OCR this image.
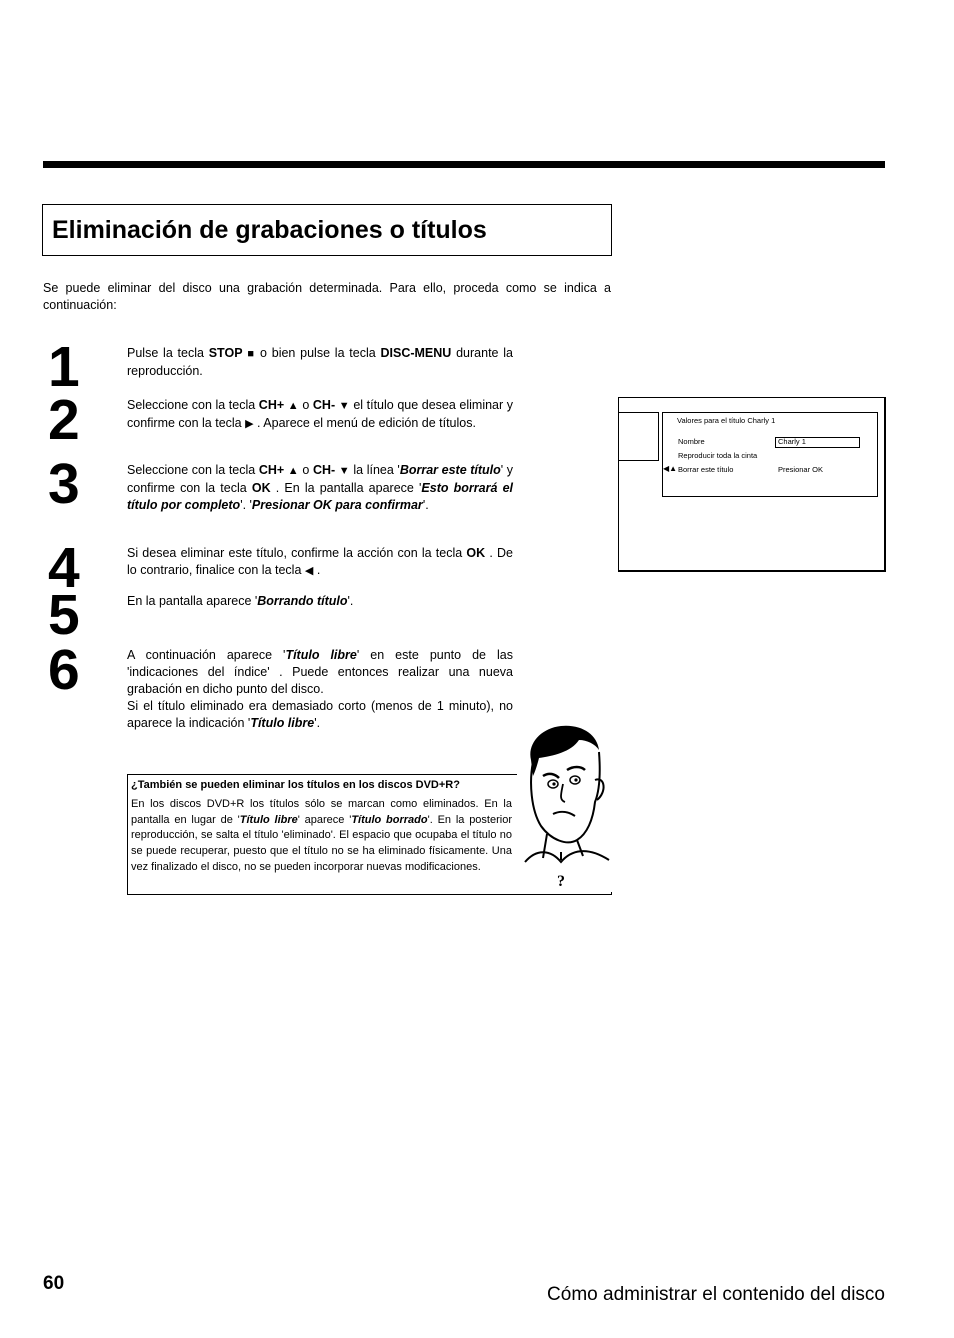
Eliminación de grabaciones o títulos

Se puede eliminar del disco una grabación determinada. Para ello, proceda como se indica a continuación:

1
2
3
4
5
6

Pulse la tecla STOP ■ o bien pulse la tecla DISC-MENU durante la reproducción.

Seleccione con la tecla CH+ ▲ o CH- ▼ el título que desea eliminar y confirme con la tecla ▶ . Aparece el menú de edición de títulos.

Seleccione con la tecla CH+ ▲ o CH- ▼ la línea 'Borrar este título' y confirme con la tecla OK . En la pantalla aparece 'Esto borrará el título por completo'. 'Presionar OK para confirmar'.

Si desea eliminar este título, confirme la acción con la tecla OK . De lo contrario, finalice con la tecla ◀ .

En la pantalla aparece 'Borrando título'.

A continuación aparece 'Título libre' en este punto de las 'indicaciones del índice' . Puede entonces realizar una nueva grabación en dicho punto del disco.

Si el título eliminado era demasiado corto (menos de 1 minuto), no aparece la indicación 'Título libre'.

Valores para el título Charly 1
Nombre	Charly 1
Reproducir toda la cinta
Borrar este título	Presionar OK
◀▲
¿También se pueden eliminar los títulos en los discos DVD+R?

En los discos DVD+R los títulos sólo se marcan como eliminados. En la pantalla en lugar de 'Título libre' aparece 'Título borrado'. En la posterior reproducción, se salta el título 'eliminado'. El espacio que ocupaba el título no se puede recuperar, puesto que el título no se ha eliminado físicamente. Una vez finalizado el disco, no se pueden incorporar nuevas modificaciones.

?
60
Cómo administrar el contenido del disco
